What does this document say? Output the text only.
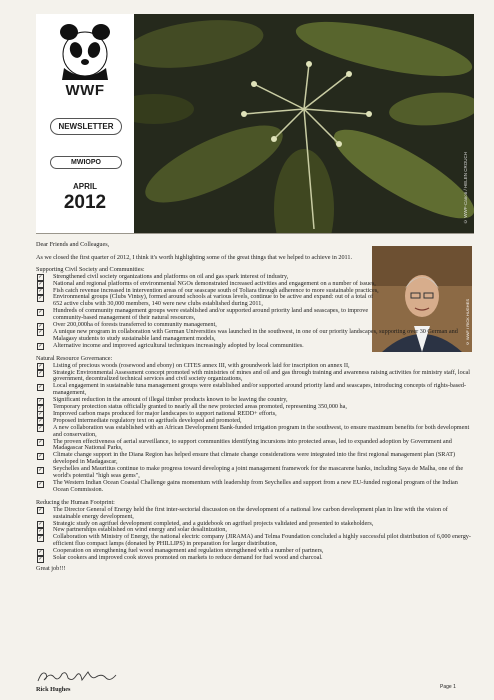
WWF
NEWSLETTER
MWIOPO
APRIL
2012	© WWF-Canon / HELEN CROUCH
© WWF / RICK HUGHES

Dear Friends and Colleagues,

As we closed the first quarter of 2012, I think it's worth highlighting some of the great things that we helped to achieve in 2011.

Supporting Civil Society and Communities:

✓ Strengthened civil society organizations and platforms on oil and gas spark interest of industry,
✓ National and regional platforms of environmental NGOs demonstrated increased activities and engagement on a number of issues,
✓ Fish catch revenue increased in intervention areas of our seascape south of Toliara through adherence to more sustainable practices,
✓ Environmental groups (Clubs Vintsy), formed around schools at various levels, continue to be active and expand: out of a total of 652 active clubs with 30,000 members, 140 were new clubs established during 2011,
✓ Hundreds of community management groups were established and/or supported around priority land and seascapes, to improve community-based management of their natural resources,
✓ Over 200,000ha of forests transferred to community management,
✓ A unique new program in collaboration with German Universities was launched in the southwest, in one of our priority landscapes, supporting over 30 German and Malagasy students to study sustainable land management models,
✓ Alternative income and improved agricultural techniques increasingly adopted by local communities.

Natural Resource Governance:

✓ Listing of precious woods (rosewood and ebony) on CITES annex III, with groundwork laid for inscription on annex II,
✓ Strategic Environmental Assessment concept promoted with ministries of mines and oil and gas through training and awareness raising activities for ministry staff, local government, decentralized technical services and civil society organizations,
✓ Local engagement in sustainable tuna management groups were established and/or supported around priority land and seascapes, introducing concepts of rights-based-management,
✓ Significant reduction in the amount of illegal timber products known to be leaving the country,
✓ Temporary protection status officially granted to nearly all the new protected areas promoted, representing 350,000 ha,
✓ Improved carbon maps produced for major landscapes to support national REDD+ efforts,
✓ Proposed intermediate regulatory text on agrifuels developed and promoted,
✓ A new collaboration was established with an African Development Bank-funded irrigation program in the southwest, to ensure maximum benefits for both development and conservation,
✓ The proven effectiveness of aerial surveillance, to support communities identifying incursions into protected areas, led to expanded adoption by Government and Madagascar National Parks,
✓ Climate change support in the Diana Region has helped ensure that climate change considerations were integrated into the first regional management plan (SRAT) developed in Madagascar,
✓ Seychelles and Mauritius continue to make progress toward developing a joint management framework for the mascarene banks, including Saya de Malha, one of the world's potential "high seas gems",
✓ The Western Indian Ocean Coastal Challenge gains momentum with leadership from Seychelles and support from a new EU-funded regional program of the Indian Ocean Commission.

Reducing the Human Footprint:

✓ The Director General of Energy held the first inter-sectorial discussion on the development of a national low carbon development plan in line with the vision of sustainable energy development,
✓ Strategic study on agrifuel development completed, and a guidebook on agrifuel projects validated and presented to stakeholders,
✓ New partnerships established on wind energy and solar desalinization,
✓ Collaboration with Ministry of Energy, the national electric company (JIRAMA) and Telma Foundation concluded a highly successful pilot distribution of 6,000 energy-efficient fluo compact lamps (donated by PHILLIPS) in preparation for larger distribution,
✓ Cooperation on strengthening fuel wood management and regulation strengthened with a number of partners,
✓ Solar cookers and improved cook stoves promoted on markets to reduce demand for fuel wood and charcoal.

Great job!!!

Rick Hughes	Page 1
